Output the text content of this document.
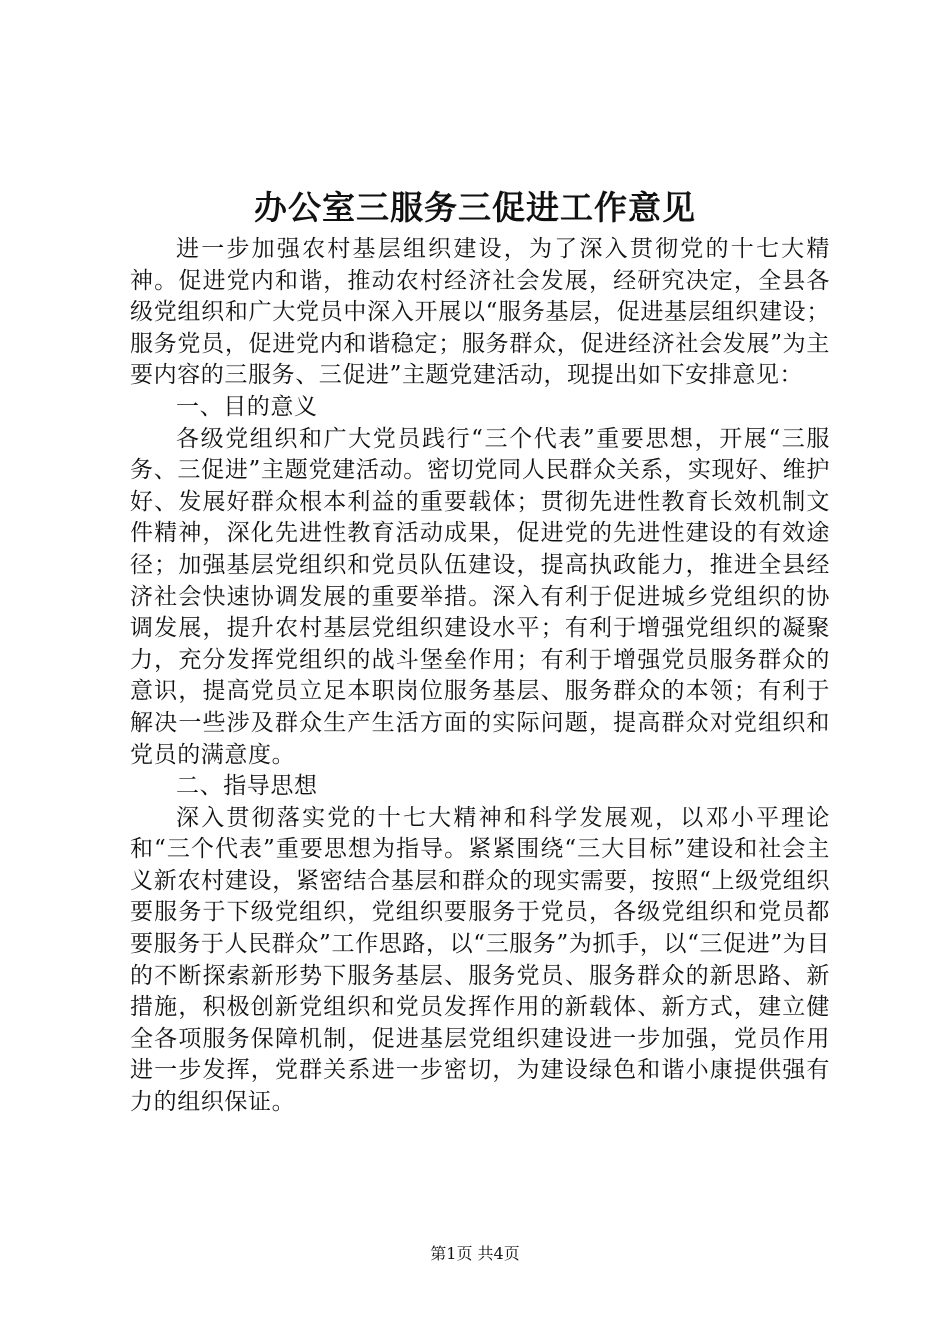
办公室三服务三促进工作意见

进一步加强农村基层组织建设，为了深入贯彻党的十七大精神。促进党内和谐，推动农村经济社会发展，经研究决定，全县各级党组织和广大党员中深入开展以“服务基层，促进基层组织建设；服务党员，促进党内和谐稳定；服务群众，促进经济社会发展”为主要内容的三服务、三促进”主题党建活动，现提出如下安排意见：

一、目的意义

各级党组织和广大党员践行“三个代表”重要思想，开展“三服务、三促进”主题党建活动。密切党同人民群众关系，实现好、维护好、发展好群众根本利益的重要载体；贯彻先进性教育长效机制文件精神，深化先进性教育活动成果，促进党的先进性建设的有效途径；加强基层党组织和党员队伍建设，提高执政能力，推进全县经济社会快速协调发展的重要举措。深入有利于促进城乡党组织的协调发展，提升农村基层党组织建设水平；有利于增强党组织的凝聚力，充分发挥党组织的战斗堡垒作用；有利于增强党员服务群众的意识，提高党员立足本职岗位服务基层、服务群众的本领；有利于解决一些涉及群众生产生活方面的实际问题，提高群众对党组织和党员的满意度。

二、指导思想

深入贯彻落实党的十七大精神和科学发展观，以邓小平理论和“三个代表”重要思想为指导。紧紧围绕“三大目标”建设和社会主义新农村建设，紧密结合基层和群众的现实需要，按照“上级党组织要服务于下级党组织，党组织要服务于党员，各级党组织和党员都要服务于人民群众”工作思路，以“三服务”为抓手，以“三促进”为目的不断探索新形势下服务基层、服务党员、服务群众的新思路、新措施，积极创新党组织和党员发挥作用的新载体、新方式，建立健全各项服务保障机制，促进基层党组织建设进一步加强，党员作用进一步发挥，党群关系进一步密切，为建设绿色和谐小康提供强有力的组织保证。

第1页 共4页
